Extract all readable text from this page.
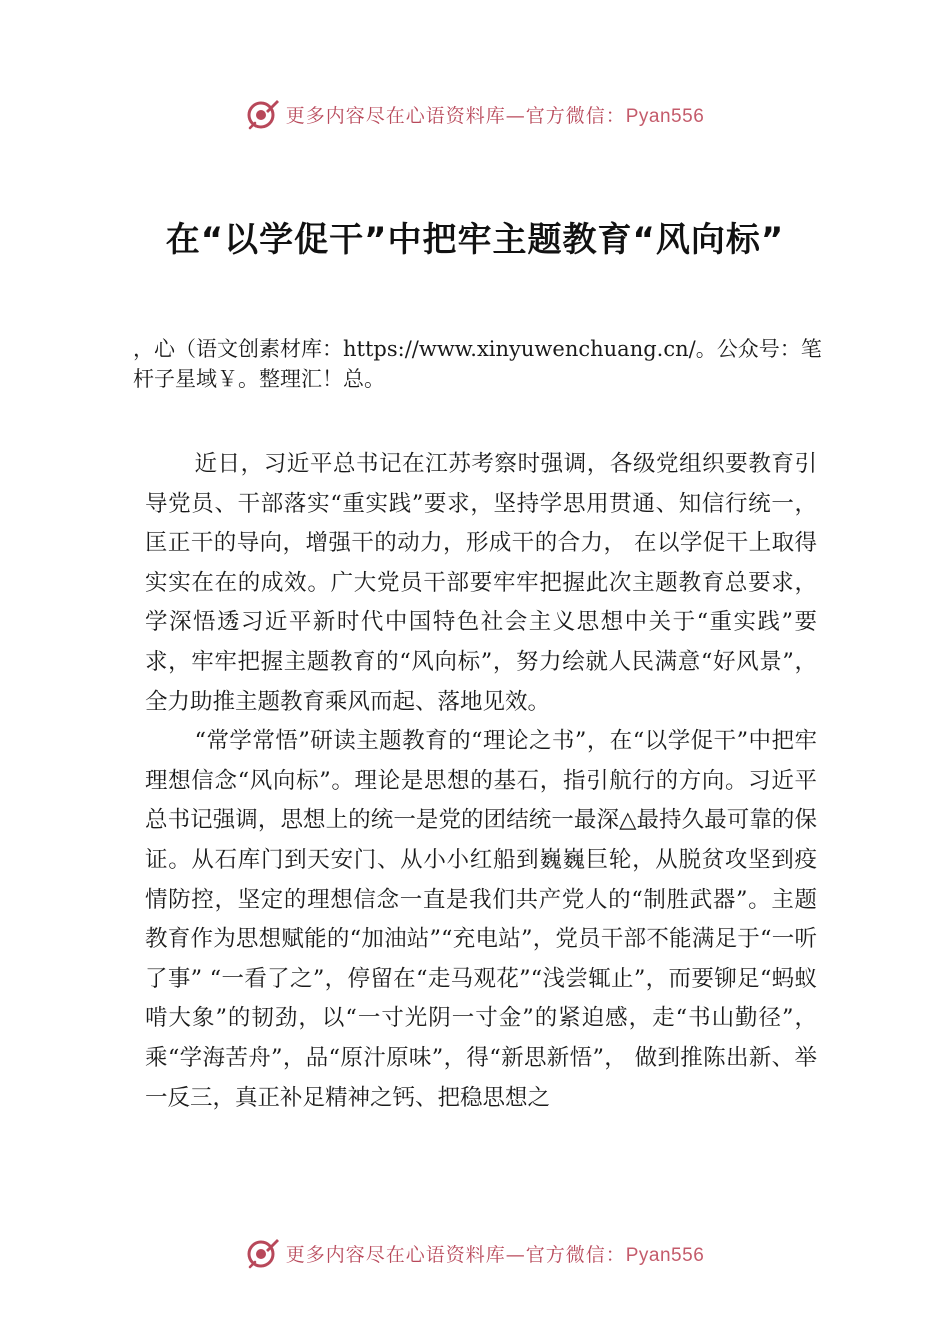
更多内容尽在心语资料库—官方微信：Pyan556
在“以学促干”中把牢主题教育“风向标”
，心（语文创素材库：https://www.xinyuwenchuang.cn/。公众号：笔杆子星域￥。整理汇！总。

近日，习近平总书记在江苏考察时强调，各级党组织要教育引导党员、干部落实“重实践”要求，坚持学思用贯通、知信行统一，匡正干的导向，增强干的动力，形成干的合力， 在以学促干上取得实实在在的成效。广大党员干部要牢牢把握此次主题教育总要求，学深悟透习近平新时代中国特色社会主义思想中关于“重实践”要求，牢牢把握主题教育的“风向标”，努力绘就人民满意“好风景”，全力助推主题教育乘风而起、落地见效。

“常学常悟”研读主题教育的“理论之书”，在“以学促干”中把牢理想信念“风向标”。理论是思想的基石，指引航行的方向。习近平总书记强调，思想上的统一是党的团结统一最深△最持久最可靠的保证。从石库门到天安门、从小小红船到巍巍巨轮，从脱贫攻坚到疫情防控，坚定的理想信念一直是我们共产党人的“制胜武器”。主题教育作为思想赋能的“加油站”“充电站”，党员干部不能满足于“一听了事” “一看了之”，停留在“走马观花”“浅尝辄止”，而要铆足“蚂蚁啃大象”的韧劲，以“一寸光阴一寸金”的紧迫感，走“书山勤径”，乘“学海苦舟”，品“原汁原味”，得“新思新悟”， 做到推陈出新、举一反三，真正补足精神之钙、把稳思想之

更多内容尽在心语资料库—官方微信：Pyan556
